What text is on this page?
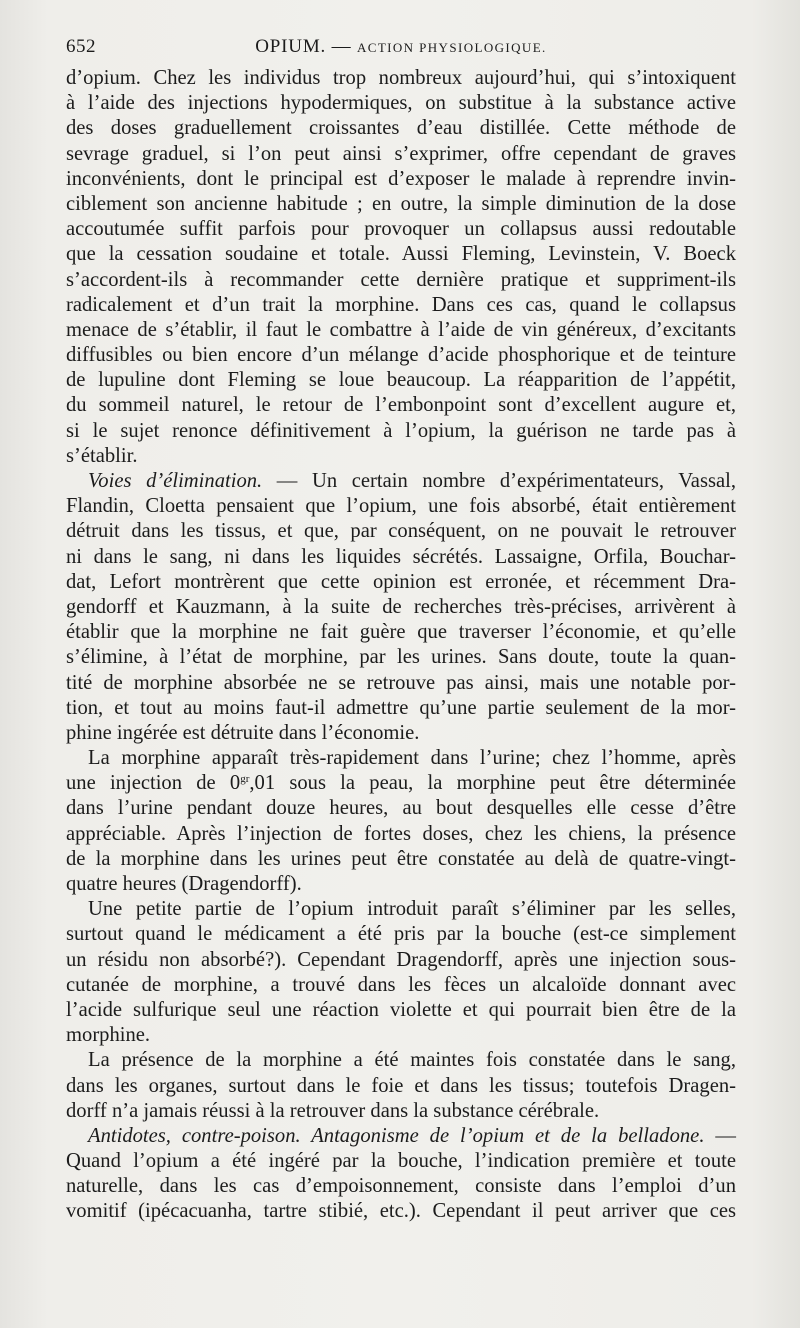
652	OPIUM. — ACTION PHYSIOLOGIQUE.
d’opium. Chez les individus trop nombreux aujourd’hui, qui s’intoxiquent
à l’aide des injections hypodermiques, on substitue à la substance active
des doses graduellement croissantes d’eau distillée. Cette méthode de
sevrage graduel, si l’on peut ainsi s’exprimer, offre cependant de graves
inconvénients, dont le principal est d’exposer le malade à reprendre invin-
ciblement son ancienne habitude ; en outre, la simple diminution de la dose
accoutumée suffit parfois pour provoquer un collapsus aussi redoutable
que la cessation soudaine et totale. Aussi Fleming, Levinstein, V. Boeck
s’accordent-ils à recommander cette dernière pratique et suppriment-ils
radicalement et d’un trait la morphine. Dans ces cas, quand le collapsus
menace de s’établir, il faut le combattre à l’aide de vin généreux, d’excitants
diffusibles ou bien encore d’un mélange d’acide phosphorique et de teinture
de lupuline dont Fleming se loue beaucoup. La réapparition de l’appétit,
du sommeil naturel, le retour de l’embonpoint sont d’excellent augure et,
si le sujet renonce définitivement à l’opium, la guérison ne tarde pas à
s’établir.
Voies d’élimination. — Un certain nombre d’expérimentateurs, Vassal,
Flandin, Cloetta pensaient que l’opium, une fois absorbé, était entièrement
détruit dans les tissus, et que, par conséquent, on ne pouvait le retrouver
ni dans le sang, ni dans les liquides sécrétés. Lassaigne, Orfila, Bouchar-
dat, Lefort montrèrent que cette opinion est erronée, et récemment Dra-
gendorff et Kauzmann, à la suite de recherches très-précises, arrivèrent à
établir que la morphine ne fait guère que traverser l’économie, et qu’elle
s’élimine, à l’état de morphine, par les urines. Sans doute, toute la quan-
tité de morphine absorbée ne se retrouve pas ainsi, mais une notable por-
tion, et tout au moins faut-il admettre qu’une partie seulement de la mor-
phine ingérée est détruite dans l’économie.
La morphine apparaît très-rapidement dans l’urine; chez l’homme, après
une injection de $0^{gr},01$ sous la peau, la morphine peut être déterminée
dans l’urine pendant douze heures, au bout desquelles elle cesse d’être
appréciable. Après l’injection de fortes doses, chez les chiens, la présence
de la morphine dans les urines peut être constatée au delà de quatre-vingt-
quatre heures (Dragendorff).
Une petite partie de l’opium introduit paraît s’éliminer par les selles,
surtout quand le médicament a été pris par la bouche (est-ce simplement
un résidu non absorbé?). Cependant Dragendorff, après une injection sous-
cutanée de morphine, a trouvé dans les fèces un alcaloïde donnant avec
l’acide sulfurique seul une réaction violette et qui pourrait bien être de la
morphine.
La présence de la morphine a été maintes fois constatée dans le sang,
dans les organes, surtout dans le foie et dans les tissus; toutefois Dragen-
dorff n’a jamais réussi à la retrouver dans la substance cérébrale.
Antidotes, contre-poison. Antagonisme de l’opium et de la belladone. —
Quand l’opium a été ingéré par la bouche, l’indication première et toute
naturelle, dans les cas d’empoisonnement, consiste dans l’emploi d’un
vomitif (ipécacuanha, tartre stibié, etc.). Cependant il peut arriver que ces
